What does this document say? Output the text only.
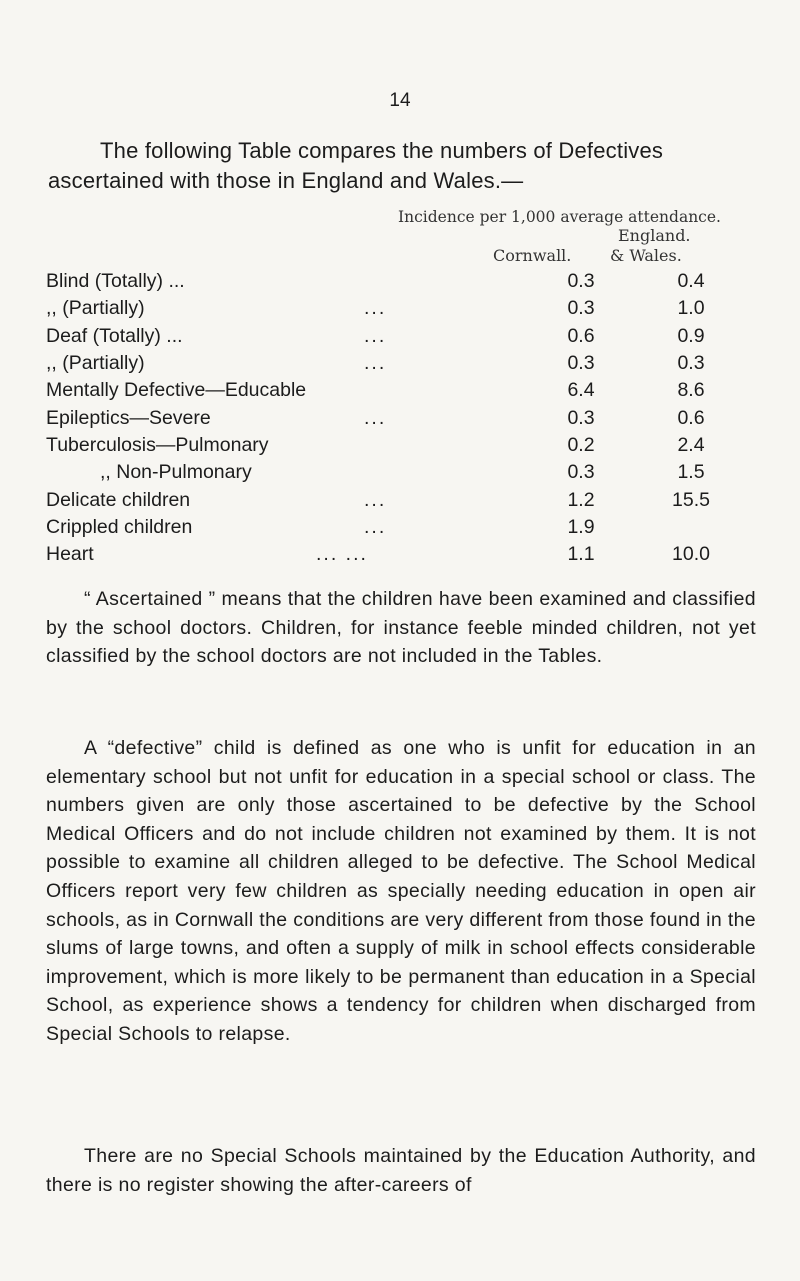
14
The following Table compares the numbers of Defectives
ascertained with those in England and Wales.—
Incidence per 1,000 average attendance.
England.
Cornwall. & Wales.
Blind (Totally) ...	0.3	0.4
,, (Partially) ...	0.3	1.0
Deaf (Totally) ... ...	0.6	0.9
,, (Partially) ...	0.3	0.3
Mentally Defective—Educable	6.4	8.6
Epileptics—Severe ...	0.3	0.6
Tuberculosis—Pulmonary	0.2	2.4
,, Non-Pulmonary	0.3	1.5
Delicate children ...	1.2	15.5
Crippled children ...	1.9	
Heart ... ...	1.1	10.0

“ Ascertained ” means that the children have been examined and classified by the school doctors. Children, for instance feeble minded children, not yet classified by the school doctors are not included in the Tables.

A “defective” child is defined as one who is unfit for education in an elementary school but not unfit for education in a special school or class. The numbers given are only those ascertained to be defective by the School Medical Officers and do not include children not examined by them. It is not possible to examine all children alleged to be defective. The School Medical Officers report very few children as specially needing education in open air schools, as in Cornwall the conditions are very different from those found in the slums of large towns, and often a supply of milk in school effects considerable improvement, which is more likely to be permanent than education in a Special School, as experience shows a tendency for children when discharged from Special Schools to relapse.

There are no Special Schools maintained by the Education Authority, and there is no register showing the after-careers of
